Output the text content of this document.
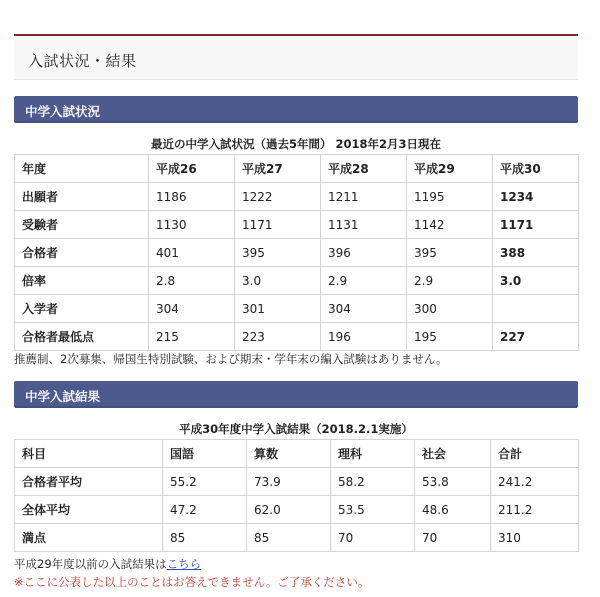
入試状況・結果
中学入試状況
最近の中学入試状況（過去5年間） 2018年2月3日現在
年度	平成26	平成27	平成28	平成29	平成30
出願者	1186	1222	1211	1195	1234
受験者	1130	1171	1131	1142	1171
合格者	401	395	396	395	388
倍率	2.8	3.0	2.9	2.9	3.0
入学者	304	301	304	300	
合格者最低点	215	223	196	195	227
推薦制、2次募集、帰国生特別試験、および期末・学年末の編入試験はありません。
中学入試結果
平成30年度中学入試結果（2018.2.1実施）
科目	国語	算数	理科	社会	合計
合格者平均	55.2	73.9	58.2	53.8	241.2
全体平均	47.2	62.0	53.5	48.6	211.2
満点	85	85	70	70	310
平成29年度以前の入試結果はこちら
※ここに公表した以上のことはお答えできません。ご了承ください。
